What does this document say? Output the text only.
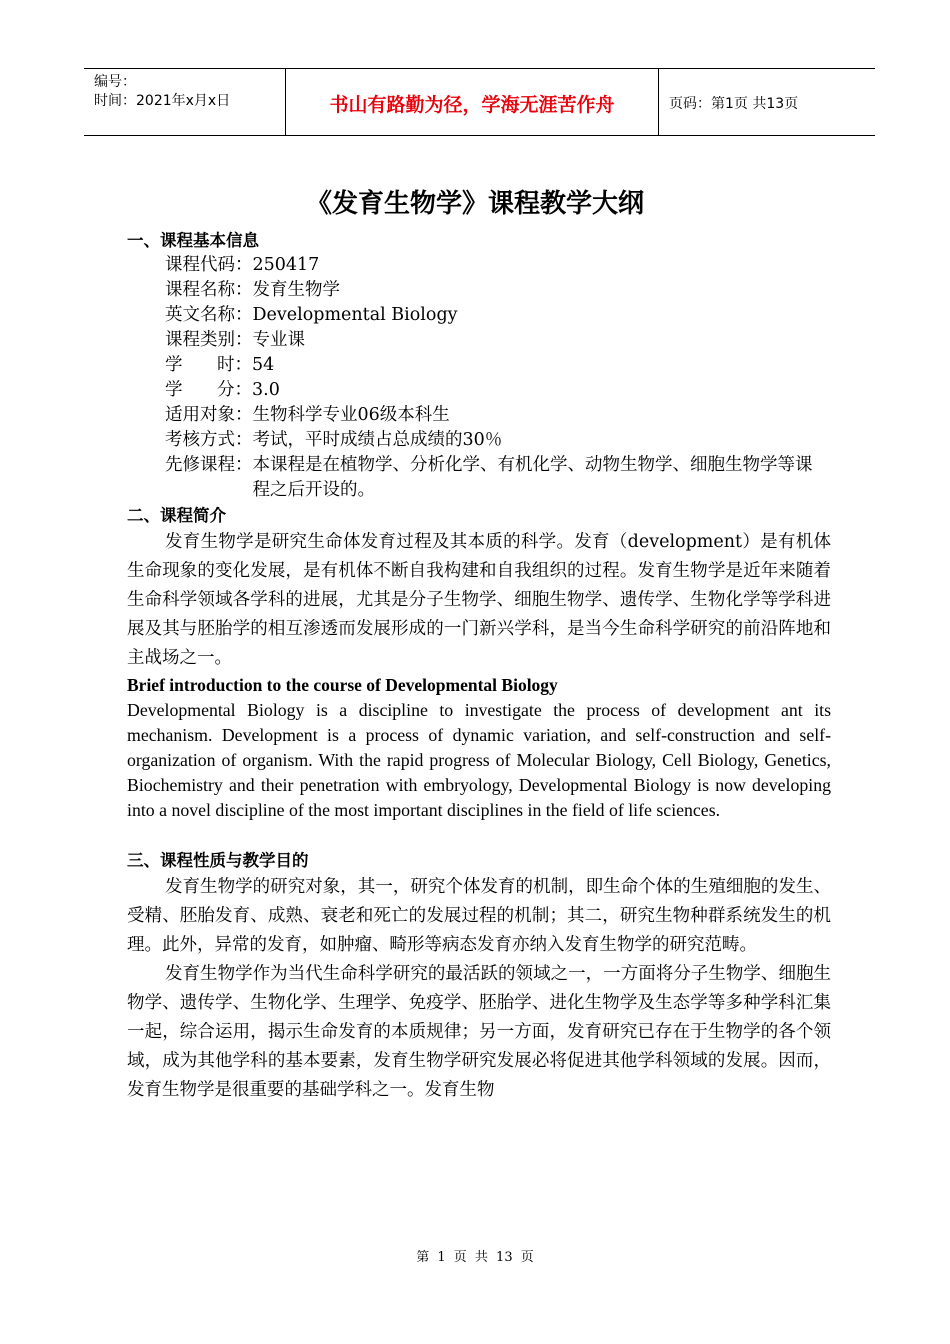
编号：
时间：2021年x月x日	书山有路勤为径，学海无涯苦作舟	页码：第1页 共13页
《发育生物学》课程教学大纲
一、课程基本信息
课程代码： 250417
课程名称： 发育生物学
英文名称： Developmental Biology
课程类别： 专业课
学 时： 54
学 分： 3.0
适用对象： 生物科学专业06级本科生
考核方式： 考试，平时成绩占总成绩的30％
先修课程： 本课程是在植物学、分析化学、有机化学、动物生物学、细胞生物学等课程之后开设的。
二、课程简介
发育生物学是研究生命体发育过程及其本质的科学。发育（development）是有机体生命现象的变化发展，是有机体不断自我构建和自我组织的过程。发育生物学是近年来随着生命科学领域各学科的进展，尤其是分子生物学、细胞生物学、遗传学、生物化学等学科进展及其与胚胎学的相互渗透而发展形成的一门新兴学科，是当今生命科学研究的前沿阵地和主战场之一。
Brief introduction to the course of Developmental Biology
Developmental Biology is a discipline to investigate the process of development ant its mechanism. Development is a process of dynamic variation, and self-construction and self-organization of organism. With the rapid progress of Molecular Biology, Cell Biology, Genetics, Biochemistry and their penetration with embryology, Developmental Biology is now developing into a novel discipline of the most important disciplines in the field of life sciences.
三、课程性质与教学目的
发育生物学的研究对象，其一，研究个体发育的机制，即生命个体的生殖细胞的发生、受精、胚胎发育、成熟、衰老和死亡的发展过程的机制；其二，研究生物种群系统发生的机理。此外，异常的发育，如肿瘤、畸形等病态发育亦纳入发育生物学的研究范畴。
发育生物学作为当代生命科学研究的最活跃的领域之一，一方面将分子生物学、细胞生物学、遗传学、生物化学、生理学、免疫学、胚胎学、进化生物学及生态学等多种学科汇集一起，综合运用，揭示生命发育的本质规律；另一方面，发育研究已存在于生物学的各个领域，成为其他学科的基本要素，发育生物学研究发展必将促进其他学科领域的发展。因而，发育生物学是很重要的基础学科之一。发育生物
第 1 页 共 13 页
